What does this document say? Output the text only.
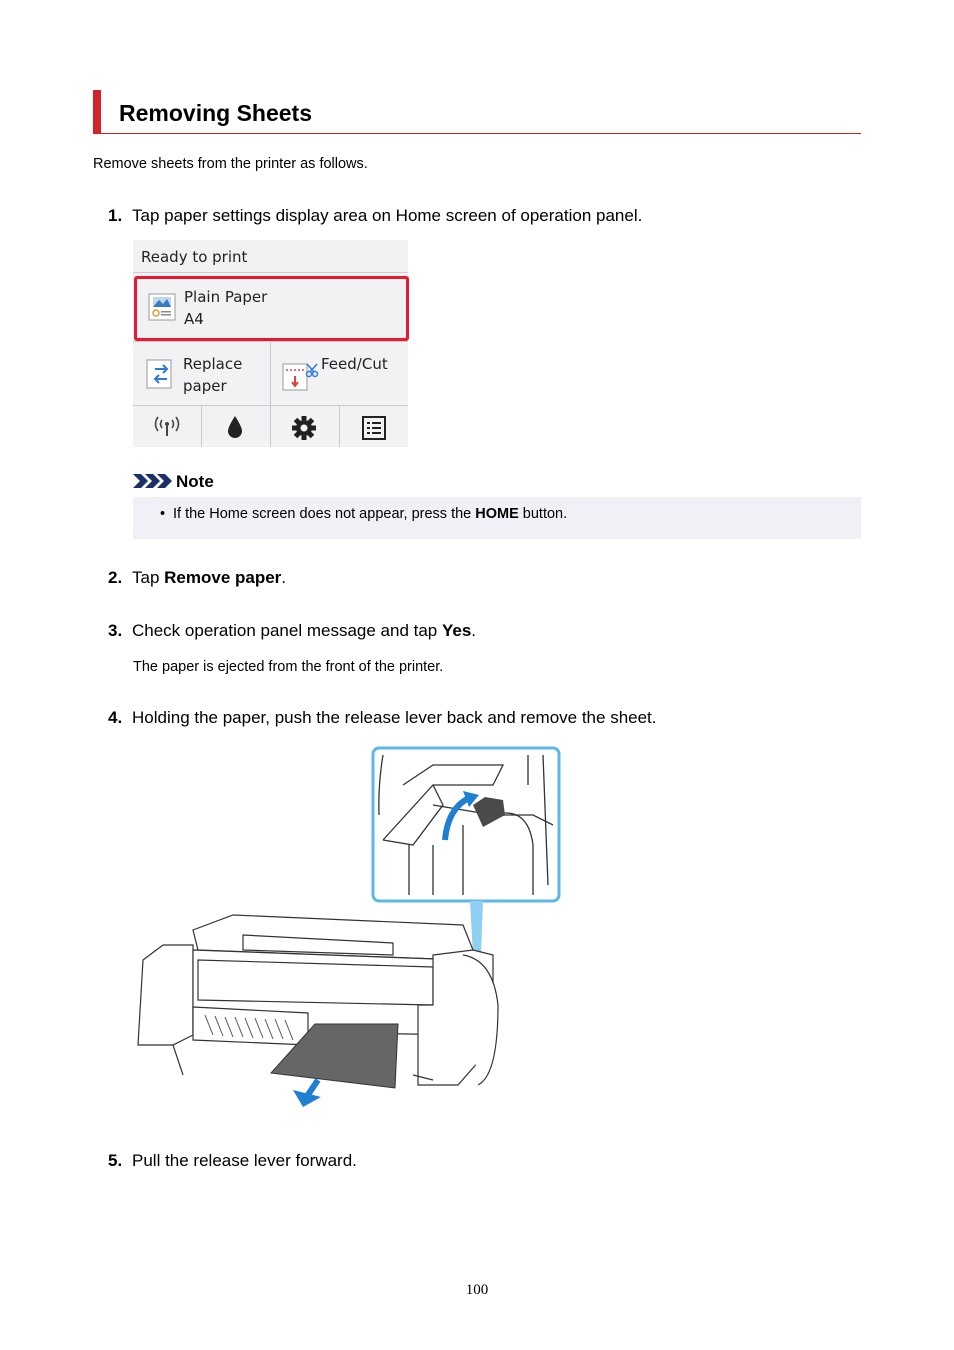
Removing Sheets
Remove sheets from the printer as follows.
1. Tap paper settings display area on Home screen of operation panel.
Ready to print
Plain Paper
A4
Replace
paper
Feed/Cut
Note
• If the Home screen does not appear, press the HOME button.
2. Tap Remove paper.
3. Check operation panel message and tap Yes.
The paper is ejected from the front of the printer.
4. Holding the paper, push the release lever back and remove the sheet.
5. Pull the release lever forward.
100
